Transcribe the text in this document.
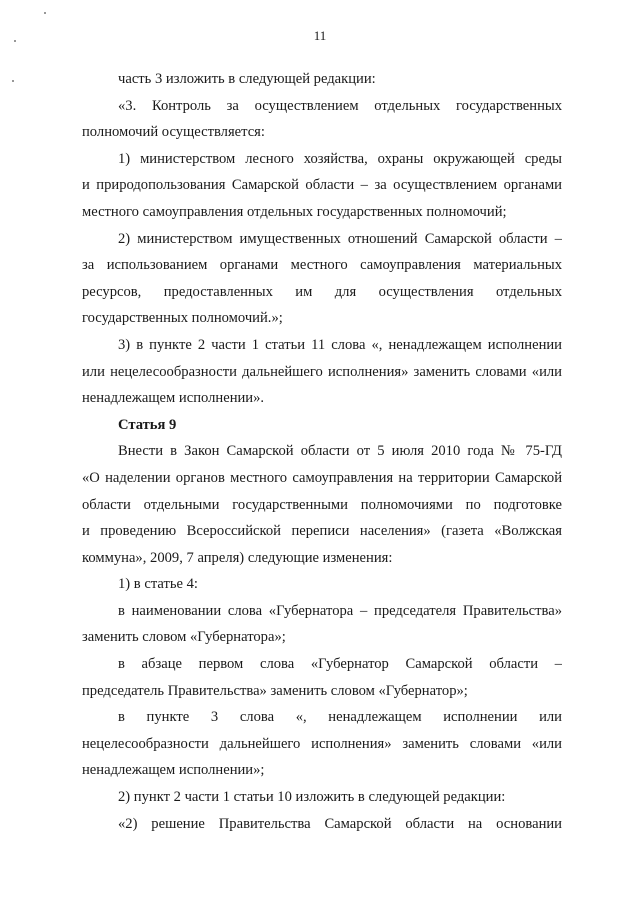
11
часть 3 изложить в следующей редакции:
«3. Контроль за осуществлением отдельных государственных
полномочий осуществляется:
1) министерством лесного хозяйства, охраны окружающей среды
и природопользования Самарской области – за осуществлением органами
местного самоуправления отдельных государственных полномочий;
2) министерством имущественных отношений Самарской области –
за использованием органами местного самоуправления материальных
ресурсов, предоставленных им для осуществления отдельных
государственных полномочий.»;
3) в пункте 2 части 1 статьи 11 слова «, ненадлежащем исполнении
или нецелесообразности дальнейшего исполнения» заменить словами «или
ненадлежащем исполнении».
Статья 9
Внести в Закон Самарской области от 5 июля 2010 года № 75-ГД
«О наделении органов местного самоуправления на территории Самарской
области отдельными государственными полномочиями по подготовке
и проведению Всероссийской переписи населения» (газета «Волжская
коммуна», 2009, 7 апреля) следующие изменения:
1) в статье 4:
в наименовании слова «Губернатора – председателя Правительства»
заменить словом «Губернатора»;
в абзаце первом слова «Губернатор Самарской области –
председатель Правительства» заменить словом «Губернатор»;
в пункте 3 слова «, ненадлежащем исполнении или
нецелесообразности дальнейшего исполнения» заменить словами «или
ненадлежащем исполнении»;
2) пункт 2 части 1 статьи 10 изложить в следующей редакции:
«2) решение Правительства Самарской области на основании
